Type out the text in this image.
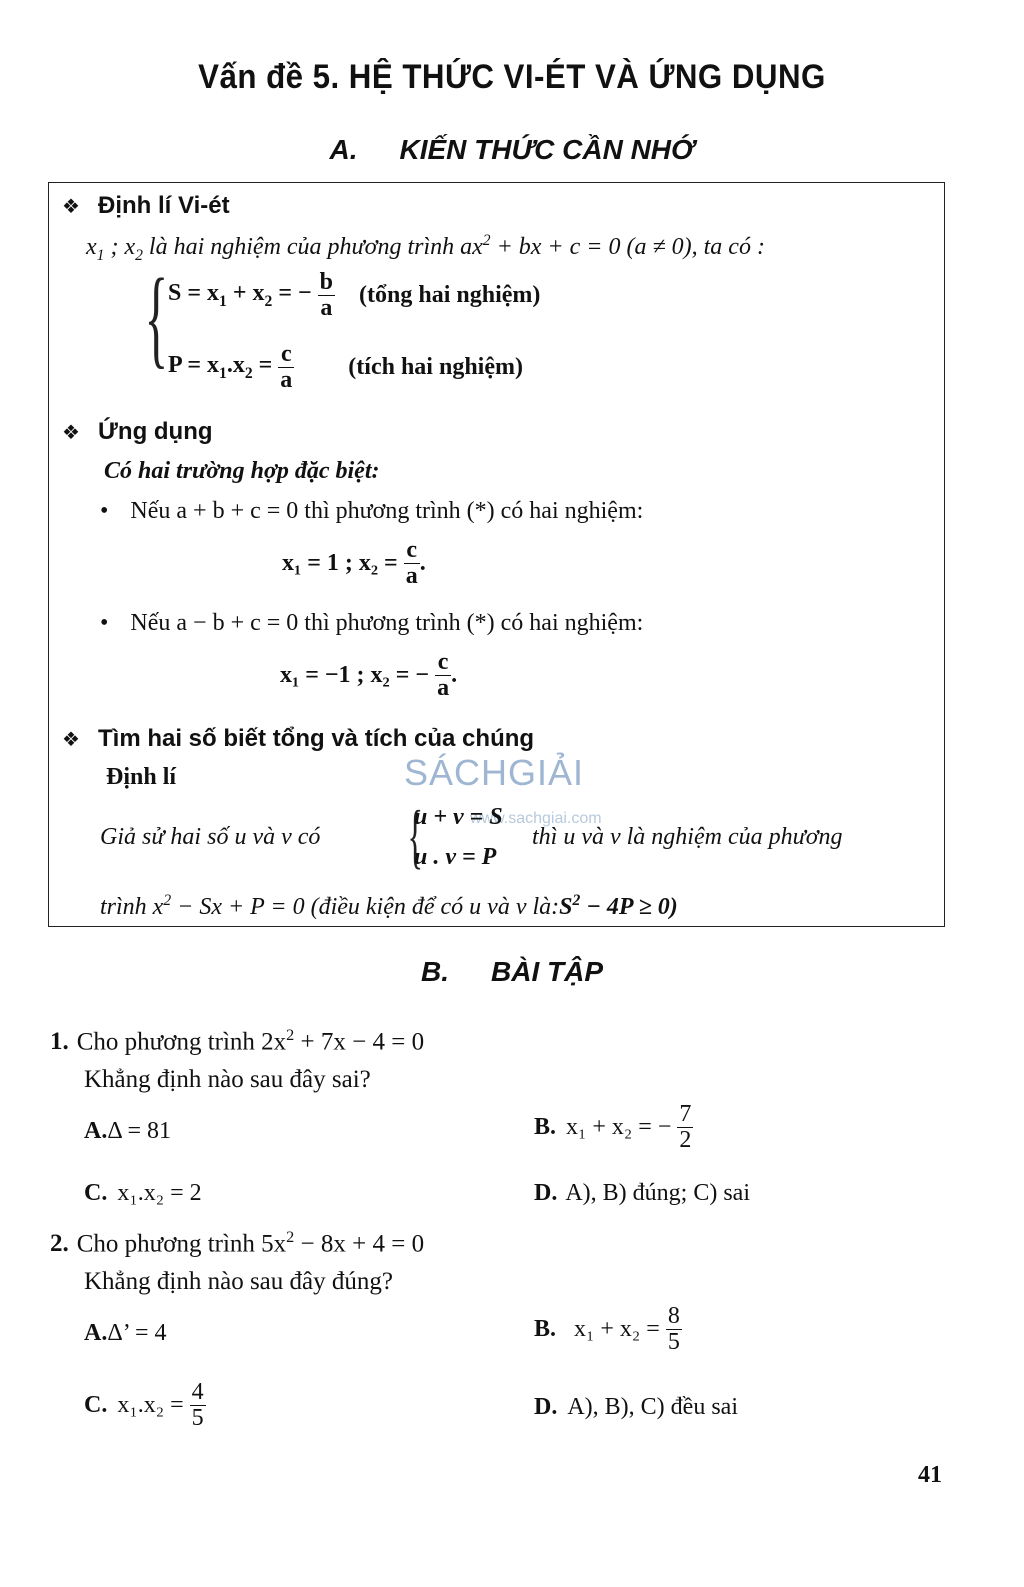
Vấn đề 5. HỆ THỨC VI-ÉT VÀ ỨNG DỤNG
A. KIẾN THỨC CẦN NHỚ
❖ Định lí Vi-ét
$x_1$ ; $x_2$ là hai nghiệm của phương trình $ax^2$ + bx + c = 0 (a ≠ 0), ta có :
{ $S = x_1 + x_2$ = − $\frac{b}{a}$ (tổng hai nghiệm)
$P = x_1.x_2 = \frac{c}{a}$ (tích hai nghiệm)
❖ Ứng dụng
Có hai trường hợp đặc biệt:
• Nếu a + b + c = 0 thì phương trình (*) có hai nghiệm:
x₁ = 1 ; $x_2 = \frac{c}{a}$ .
• Nếu a − b + c = 0 thì phương trình (*) có hai nghiệm:
x₁ = −1 ; x₂ = − $\frac{c}{a}$ .
❖ Tìm hai số biết tổng và tích của chúng
Định lí	SÁCHGIẢI
www.sachgiai.com
Giả sử hai số u và v có {
u + v = S
u . v = P
thì u và v là nghiệm của phương
trình $x^2 - Sx + P = 0$ (điều kiện để có u và v $là:S^2 - 4P \ge 0$)
B. BÀI TẬP
1. Cho phương trình $2x^2 + 7x - 4 = 0$
Khẳng định nào sau đây sai?
A.Δ = 81	B. x₁ + x₂ = − $\frac{7}{2}$
C. x₁.x₂ = 2	D. A), B) đúng; C) sai
2. Cho phương trình $5x^2 - 8x + 4 = 0$
Khẳng định nào sau đây đúng?
A.Δ’ = 4	B. $x_1 + x_2 = \frac{8}{5}$
C. $x_1.x_2 = \frac{4}{5}$	D. A), B), C) đều sai
41
